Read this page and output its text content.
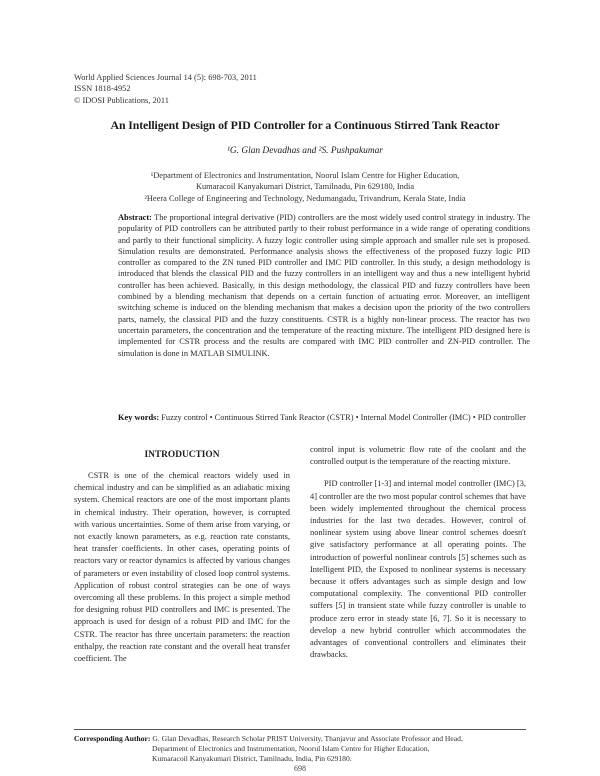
World Applied Sciences Journal 14 (5): 698-703, 2011
ISSN 1818-4952
© IDOSI Publications, 2011
An Intelligent Design of PID Controller for a Continuous Stirred Tank Reactor
¹G. Glan Devadhas and ²S. Pushpakumar
¹Department of Electronics and Instrumentation, Noorul Islam Centre for Higher Education,
Kumaracoil Kanyakumari District, Tamilnadu, Pin 629180, India
²Heera College of Engineering and Technology, Nedumangadu, Trivandrum, Kerala State, India
Abstract: The proportional integral derivative (PID) controllers are the most widely used control strategy in industry. The popularity of PID controllers can be attributed partly to their robust performance in a wide range of operating conditions and partly to their functional simplicity. A fuzzy logic controller using simple approach and smaller rule set is proposed. Simulation results are demonstrated. Performance analysis shows the effectiveness of the proposed fuzzy logic PID controller as compared to the ZN tuned PID controller and IMC PID controller. In this study, a design methodology is introduced that blends the classical PID and the fuzzy controllers in an intelligent way and thus a new intelligent hybrid controller has been achieved. Basically, in this design methodology, the classical PID and fuzzy controllers have been combined by a blending mechanism that depends on a certain function of actuating error. Moreover, an intelligent switching scheme is induced on the blending mechanism that makes a decision upon the priority of the two controllers parts, namely, the classical PID and the fuzzy constituents. CSTR is a highly non-linear process. The reactor has two uncertain parameters, the concentration and the temperature of the reacting mixture. The intelligent PID designed here is implemented for CSTR process and the results are compared with IMC PID controller and ZN-PID controller. The simulation is done in MATLAB SIMULINK.
Key words: Fuzzy control • Continuous Stirred Tank Reactor (CSTR) • Internal Model Controller (IMC) • PID controller
INTRODUCTION

CSTR is one of the chemical reactors widely used in chemical industry and can be simplified as an adiabatic mixing system. Chemical reactors are one of the most important plants in chemical industry. Their operation, however, is corrupted with various uncertainties. Some of them arise from varying, or not exactly known parameters, as e.g. reaction rate constants, heat transfer coefficients. In other cases, operating points of reactors vary or reactor dynamics is affected by various changes of parameters or even instability of closed loop control systems. Application of robust control strategies can be one of ways overcoming all these problems. In this project a simple method for designing robust PID controllers and IMC is presented. The approach is used for design of a robust PID and IMC for the CSTR. The reactor has three uncertain parameters: the reaction enthalpy, the reaction rate constant and the overall heat transfer coefficient. The

control input is volumetric flow rate of the coolant and the controlled output is the temperature of the reacting mixture.

PID controller [1-3] and internal model controller (IMC) [3, 4] controller are the two most popular control schemes that have been widely implemented throughout the chemical process industries for the last two decades. However, control of nonlinear system using above linear control schemes doesn't give satisfactory performance at all operating points. The introduction of powerful nonlinear controls [5] schemes such as Intelligent PID, the Exposed to nonlinear systems is necessary because it offers advantages such as simple design and low computational complexity. The conventional PID controller suffers [5] in transient state while fuzzy controller is unable to produce zero error in steady state [6, 7]. So it is necessary to develop a new hybrid controller which accommodates the advantages of conventional controllers and eliminates their drawbacks.

Corresponding Author: G. Glan Devadhas, Research Scholar PRIST University, Thanjavur and Associate Professor and Head,
Department of Electronics and Instrumentation, Noorul Islam Centre for Higher Education,
Kumaracoil Kanyakumari District, Tamilnadu, India, Pin 629180.
698
